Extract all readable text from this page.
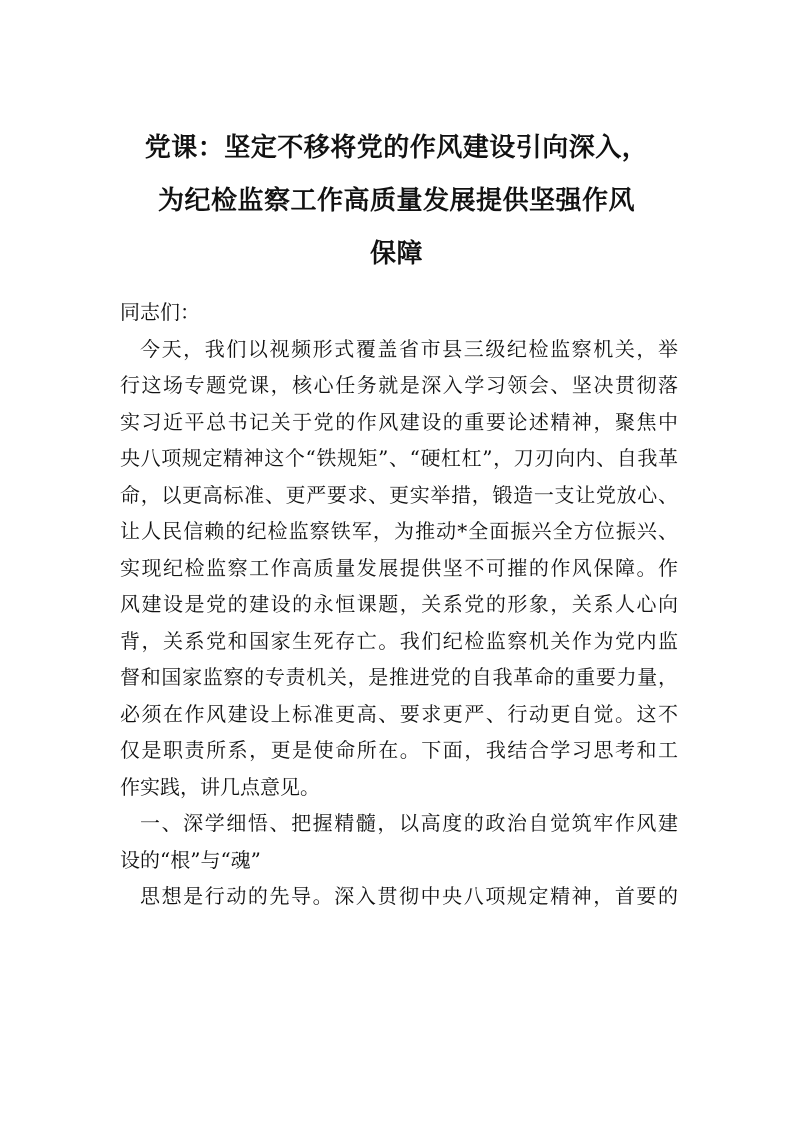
党课：坚定不移将党的作风建设引向深入，
为纪检监察工作高质量发展提供坚强作风
保障
同志们：
今天，我们以视频形式覆盖省市县三级纪检监察机关，举
行这场专题党课，核心任务就是深入学习领会、坚决贯彻落
实习近平总书记关于党的作风建设的重要论述精神，聚焦中
央八项规定精神这个“铁规矩”、“硬杠杠”，刀刃向内、自我革
命，以更高标准、更严要求、更实举措，锻造一支让党放心、
让人民信赖的纪检监察铁军，为推动*全面振兴全方位振兴、
实现纪检监察工作高质量发展提供坚不可摧的作风保障。作
风建设是党的建设的永恒课题，关系党的形象，关系人心向
背，关系党和国家生死存亡。我们纪检监察机关作为党内监
督和国家监察的专责机关，是推进党的自我革命的重要力量，
必须在作风建设上标准更高、要求更严、行动更自觉。这不
仅是职责所系，更是使命所在。下面，我结合学习思考和工
作实践，讲几点意见。
一、深学细悟、把握精髓，以高度的政治自觉筑牢作风建
设的“根”与“魂”
思想是行动的先导。深入贯彻中央八项规定精神，首要的
